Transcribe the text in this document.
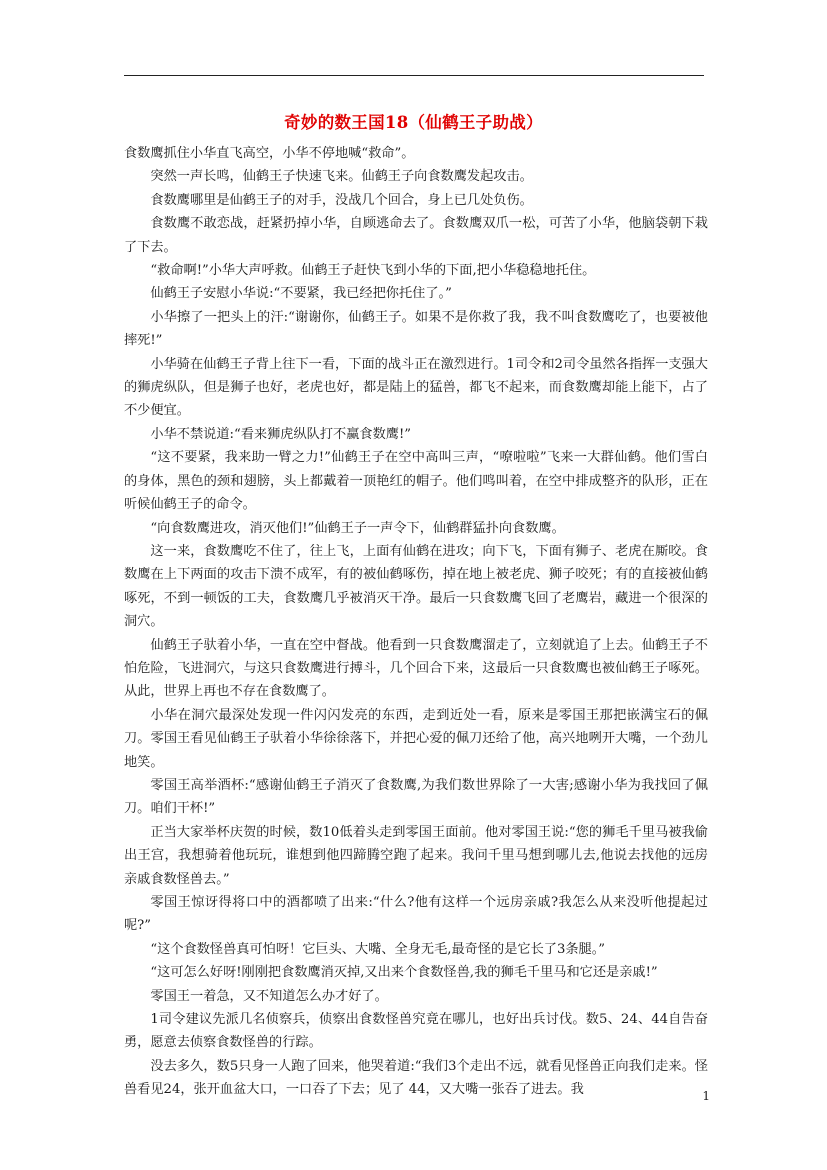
奇妙的数王国18（仙鹤王子助战）

食数鹰抓住小华直飞高空，小华不停地喊“救命”。

突然一声长鸣，仙鹤王子快速飞来。仙鹤王子向食数鹰发起攻击。

食数鹰哪里是仙鹤王子的对手，没战几个回合，身上已几处负伤。

食数鹰不敢恋战，赶紧扔掉小华，自顾逃命去了。食数鹰双爪一松，可苦了小华，他脑袋朝下栽了下去。

“救命啊!”小华大声呼救。仙鹤王子赶快飞到小华的下面,把小华稳稳地托住。

仙鹤王子安慰小华说:“不要紧，我已经把你托住了。”

小华擦了一把头上的汗:“谢谢你，仙鹤王子。如果不是你救了我，我不叫食数鹰吃了，也要被他摔死!”

小华骑在仙鹤王子背上往下一看，下面的战斗正在激烈进行。1司令和2司令虽然各指挥一支强大的狮虎纵队，但是狮子也好，老虎也好，都是陆上的猛兽，都飞不起来，而食数鹰却能上能下，占了不少便宜。

小华不禁说道:“看来狮虎纵队打不赢食数鹰!”

“这不要紧，我来助一臂之力!”仙鹤王子在空中高叫三声，“嘹啦啦”飞来一大群仙鹤。他们雪白的身体，黑色的颈和翅膀，头上都戴着一顶艳红的帽子。他们鸣叫着，在空中排成整齐的队形，正在听候仙鹤王子的命令。

“向食数鹰进攻，消灭他们!”仙鹤王子一声令下，仙鹤群猛扑向食数鹰。

这一来，食数鹰吃不住了，往上飞，上面有仙鹤在进攻；向下飞，下面有狮子、老虎在厮咬。食数鹰在上下两面的攻击下溃不成军，有的被仙鹤啄伤，掉在地上被老虎、狮子咬死；有的直接被仙鹤啄死，不到一顿饭的工夫，食数鹰几乎被消灭干净。最后一只食数鹰飞回了老鹰岩，藏进一个很深的洞穴。

仙鹤王子驮着小华，一直在空中督战。他看到一只食数鹰溜走了，立刻就追了上去。仙鹤王子不怕危险，飞进洞穴，与这只食数鹰进行搏斗，几个回合下来，这最后一只食数鹰也被仙鹤王子啄死。从此，世界上再也不存在食数鹰了。

小华在洞穴最深处发现一件闪闪发亮的东西，走到近处一看，原来是零国王那把嵌满宝石的佩刀。零国王看见仙鹤王子驮着小华徐徐落下，并把心爱的佩刀还给了他，高兴地咧开大嘴，一个劲儿地笑。

零国王高举酒杯:“感谢仙鹤王子消灭了食数鹰,为我们数世界除了一大害;感谢小华为我找回了佩刀。咱们干杯!”

正当大家举杯庆贺的时候，数10低着头走到零国王面前。他对零国王说:“您的狮毛千里马被我偷出王宫，我想骑着他玩玩，谁想到他四蹄腾空跑了起来。我问千里马想到哪儿去,他说去找他的远房亲戚食数怪兽去。”

零国王惊讶得将口中的酒都喷了出来:“什么?他有这样一个远房亲戚?我怎么从来没听他提起过呢?”

“这个食数怪兽真可怕呀！它巨头、大嘴、全身无毛,最奇怪的是它长了3条腿。”

“这可怎么好呀!刚刚把食数鹰消灭掉,又出来个食数怪兽,我的狮毛千里马和它还是亲戚!”

零国王一着急，又不知道怎么办才好了。

1司令建议先派几名侦察兵，侦察出食数怪兽究竟在哪儿，也好出兵讨伐。数5、24、44自告奋勇，愿意去侦察食数怪兽的行踪。

没去多久，数5只身一人跑了回来，他哭着道:“我们3个走出不远，就看见怪兽正向我们走来。怪兽看见24，张开血盆大口，一口吞了下去；见了 44，又大嘴一张吞了进去。我	1
